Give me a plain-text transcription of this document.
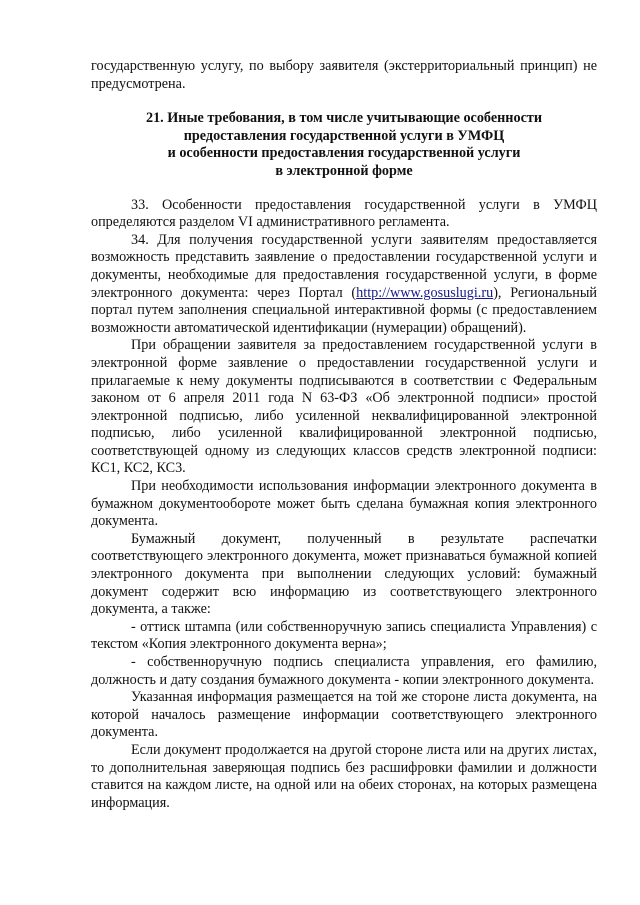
государственную услугу, по выбору заявителя (экстерриториальный принцип) не предусмотрена.

21. Иные требования, в том числе учитывающие особенности
предоставления государственной услуги в УМФЦ
и особенности предоставления государственной услуги
в электронной форме

33. Особенности предоставления государственной услуги в УМФЦ определяются разделом VI административного регламента.

34. Для получения государственной услуги заявителям предоставляется возможность представить заявление о предоставлении государственной услуги и документы, необходимые для предоставления государственной услуги, в форме электронного документа: через Портал (http://www.gosuslugi.ru), Региональный портал путем заполнения специальной интерактивной формы (с предоставлением возможности автоматической идентификации (нумерации) обращений).

При обращении заявителя за предоставлением государственной услуги в электронной форме заявление о предоставлении государственной услуги и прилагаемые к нему документы подписываются в соответствии с Федеральным законом от 6 апреля 2011 года N 63-ФЗ «Об электронной подписи» простой электронной подписью, либо усиленной неквалифицированной электронной подписью, либо усиленной квалифицированной электронной подписью, соответствующей одному из следующих классов средств электронной подписи: КС1, КС2, КС3.

При необходимости использования информации электронного документа в бумажном документообороте может быть сделана бумажная копия электронного документа.

Бумажный документ, полученный в результате распечатки соответствующего электронного документа, может признаваться бумажной копией электронного документа при выполнении следующих условий: бумажный документ содержит всю информацию из соответствующего электронного документа, а также:

- оттиск штампа (или собственноручную запись специалиста Управления) с текстом «Копия электронного документа верна»;

- собственноручную подпись специалиста управления, его фамилию, должность и дату создания бумажного документа - копии электронного документа.

Указанная информация размещается на той же стороне листа документа, на которой началось размещение информации соответствующего электронного документа.

Если документ продолжается на другой стороне листа или на других листах, то дополнительная заверяющая подпись без расшифровки фамилии и должности ставится на каждом листе, на одной или на обеих сторонах, на которых размещена информация.
